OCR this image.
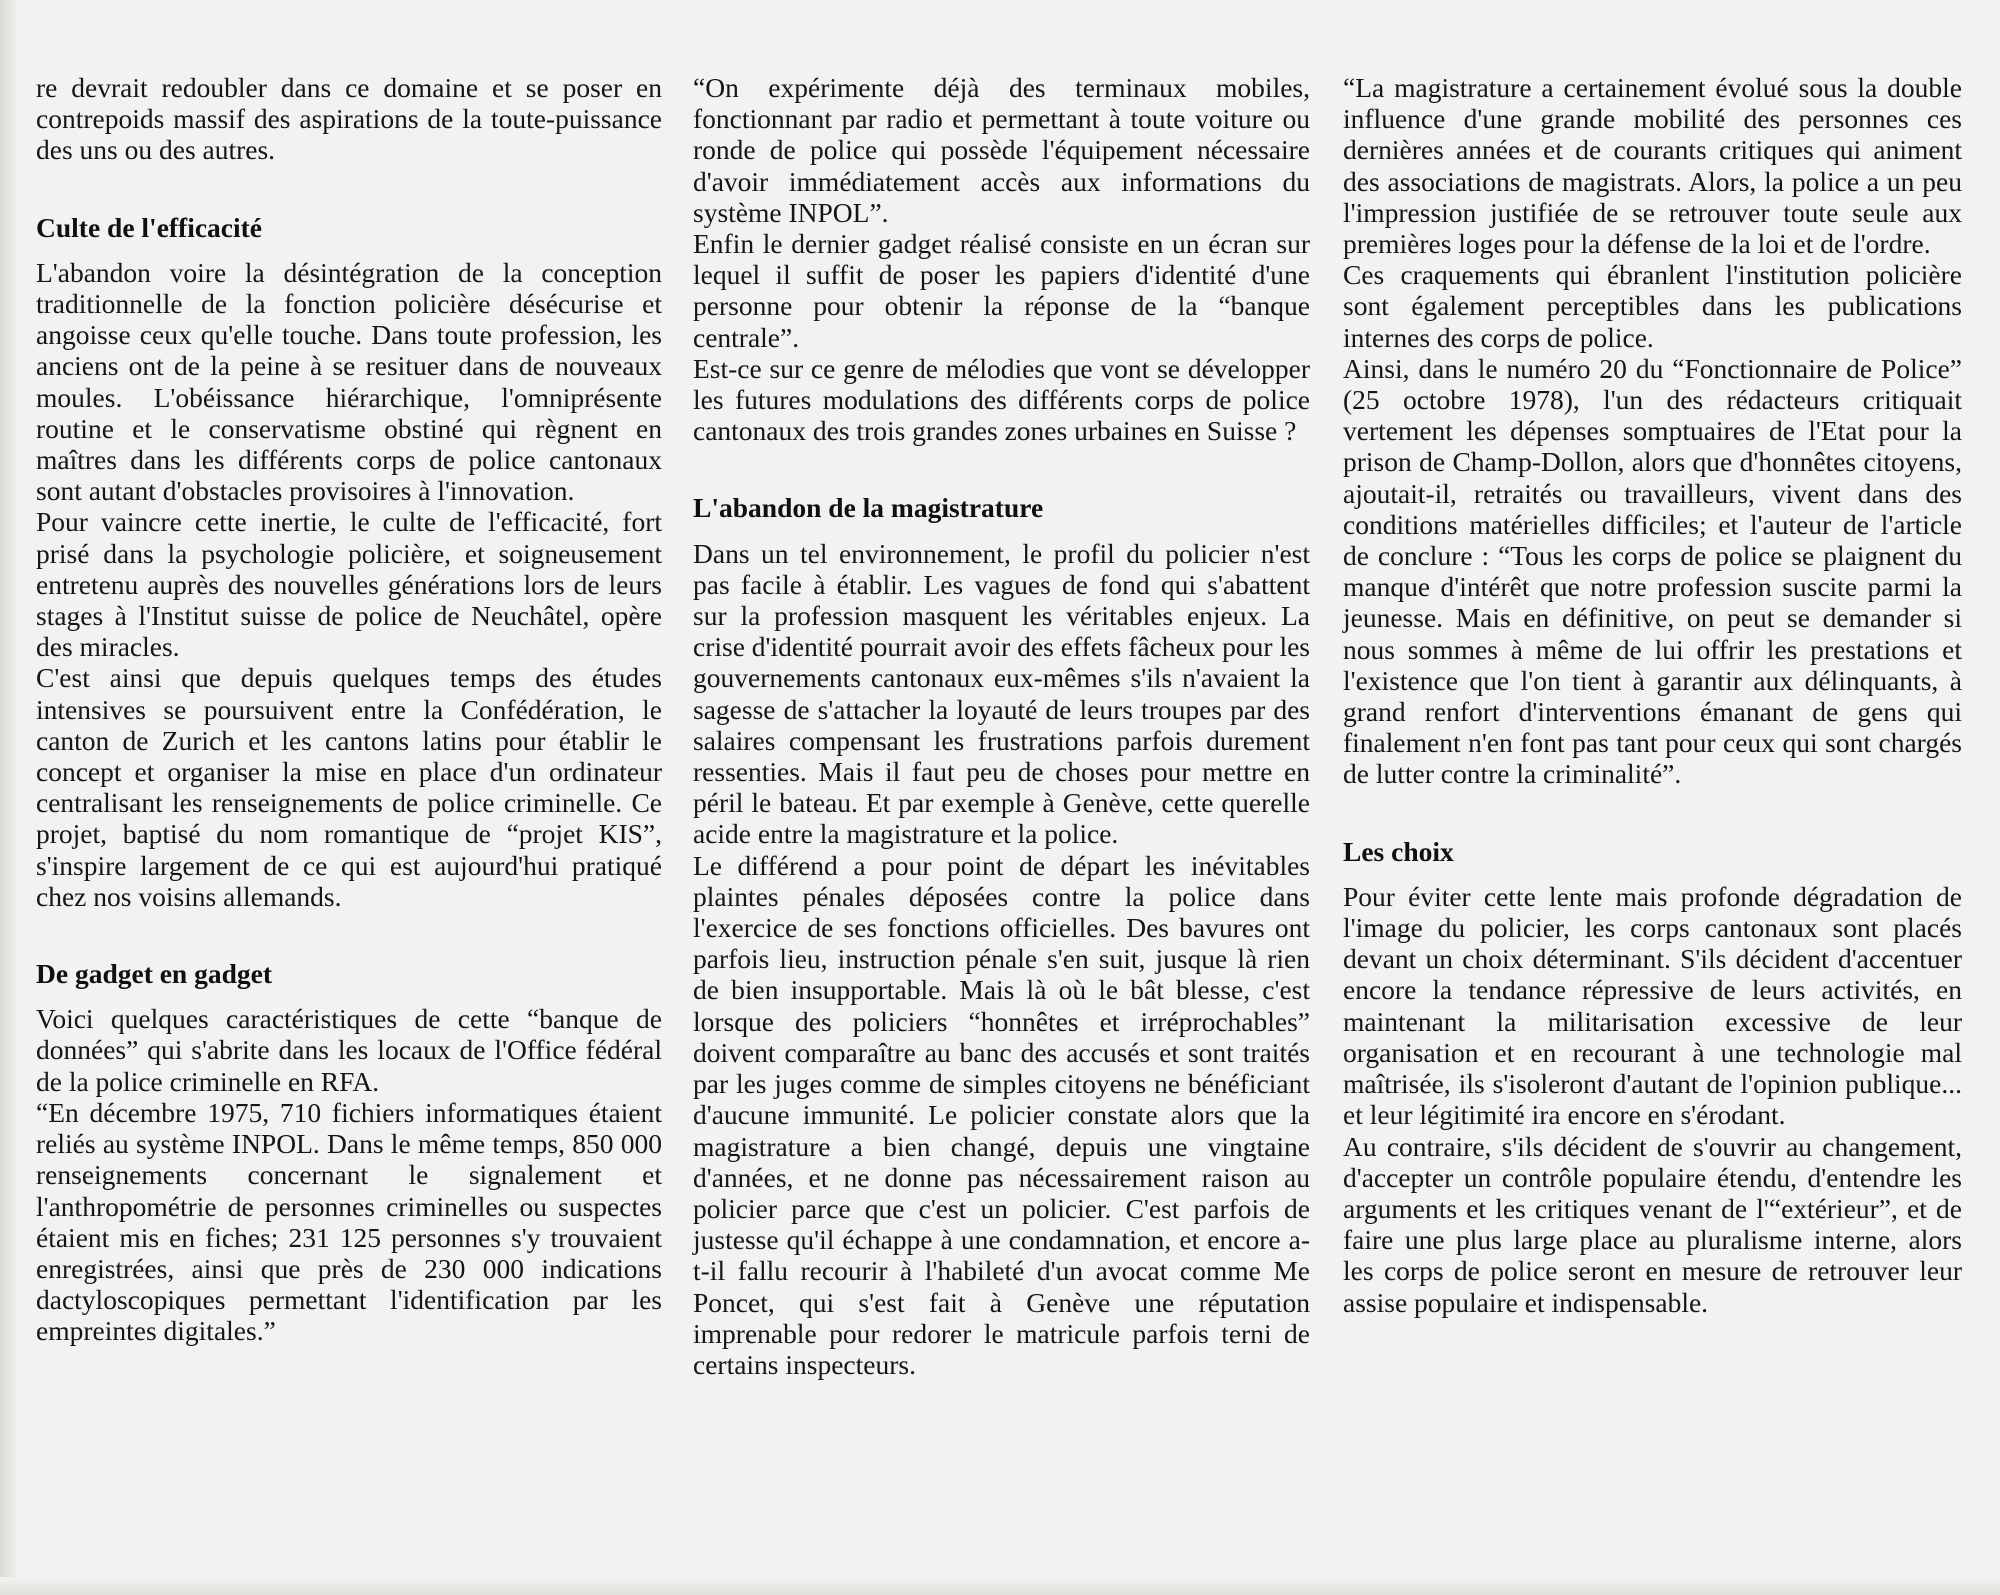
re devrait redoubler dans ce domaine et se poser en contrepoids massif des aspirations de la toute-puissance des uns ou des autres.

Culte de l'efficacité

L'abandon voire la désintégration de la conception traditionnelle de la fonction policière désécurise et angoisse ceux qu'elle touche. Dans toute profession, les anciens ont de la peine à se resituer dans de nouveaux moules. L'obéissance hiérarchique, l'omniprésente routine et le conservatisme obstiné qui règnent en maîtres dans les différents corps de police cantonaux sont autant d'obstacles provisoires à l'innovation.

Pour vaincre cette inertie, le culte de l'efficacité, fort prisé dans la psychologie policière, et soigneusement entretenu auprès des nouvelles générations lors de leurs stages à l'Institut suisse de police de Neuchâtel, opère des miracles.

C'est ainsi que depuis quelques temps des études intensives se poursuivent entre la Confédération, le canton de Zurich et les cantons latins pour établir le concept et organiser la mise en place d'un ordinateur centralisant les renseignements de police criminelle. Ce projet, baptisé du nom romantique de “projet KIS”, s'inspire largement de ce qui est aujourd'hui pratiqué chez nos voisins allemands.

De gadget en gadget

Voici quelques caractéristiques de cette “banque de données” qui s'abrite dans les locaux de l'Office fédéral de la police criminelle en RFA.

“En décembre 1975, 710 fichiers informatiques étaient reliés au système INPOL. Dans le même temps, 850 000 renseignements concernant le signalement et l'anthropométrie de personnes criminelles ou suspectes étaient mis en fiches; 231 125 personnes s'y trouvaient enregistrées, ainsi que près de 230 000 indications dactyloscopiques permettant l'identification par les empreintes digitales.”

“On expérimente déjà des terminaux mobiles, fonctionnant par radio et permettant à toute voiture ou ronde de police qui possède l'équipement nécessaire d'avoir immédiatement accès aux informations du système INPOL”.

Enfin le dernier gadget réalisé consiste en un écran sur lequel il suffit de poser les papiers d'identité d'une personne pour obtenir la réponse de la “banque centrale”.

Est-ce sur ce genre de mélodies que vont se développer les futures modulations des différents corps de police cantonaux des trois grandes zones urbaines en Suisse ?

L'abandon de la magistrature

Dans un tel environnement, le profil du policier n'est pas facile à établir. Les vagues de fond qui s'abattent sur la profession masquent les véritables enjeux. La crise d'identité pourrait avoir des effets fâcheux pour les gouvernements cantonaux eux-mêmes s'ils n'avaient la sagesse de s'attacher la loyauté de leurs troupes par des salaires compensant les frustrations parfois durement ressenties. Mais il faut peu de choses pour mettre en péril le bateau. Et par exemple à Genève, cette querelle acide entre la magistrature et la police.

Le différend a pour point de départ les inévitables plaintes pénales déposées contre la police dans l'exercice de ses fonctions officielles. Des bavures ont parfois lieu, instruction pénale s'en suit, jusque là rien de bien insupportable. Mais là où le bât blesse, c'est lorsque des policiers “honnêtes et irréprochables” doivent comparaître au banc des accusés et sont traités par les juges comme de simples citoyens ne bénéficiant d'aucune immunité. Le policier constate alors que la magistrature a bien changé, depuis une vingtaine d'années, et ne donne pas nécessairement raison au policier parce que c'est un policier. C'est parfois de justesse qu'il échappe à une condamnation, et encore a-t-il fallu recourir à l'habileté d'un avocat comme Me Poncet, qui s'est fait à Genève une réputation imprenable pour redorer le matricule parfois terni de certains inspecteurs.

“La magistrature a certainement évolué sous la double influence d'une grande mobilité des personnes ces dernières années et de courants critiques qui animent des associations de magistrats. Alors, la police a un peu l'impression justifiée de se retrouver toute seule aux premières loges pour la défense de la loi et de l'ordre.

Ces craquements qui ébranlent l'institution policière sont également perceptibles dans les publications internes des corps de police.

Ainsi, dans le numéro 20 du “Fonctionnaire de Police” (25 octobre 1978), l'un des rédacteurs critiquait vertement les dépenses somptuaires de l'Etat pour la prison de Champ-Dollon, alors que d'honnêtes citoyens, ajoutait-il, retraités ou travailleurs, vivent dans des conditions matérielles difficiles; et l'auteur de l'article de conclure : “Tous les corps de police se plaignent du manque d'intérêt que notre profession suscite parmi la jeunesse. Mais en définitive, on peut se demander si nous sommes à même de lui offrir les prestations et l'existence que l'on tient à garantir aux délinquants, à grand renfort d'interventions émanant de gens qui finalement n'en font pas tant pour ceux qui sont chargés de lutter contre la criminalité”.

Les choix

Pour éviter cette lente mais profonde dégradation de l'image du policier, les corps cantonaux sont placés devant un choix déterminant. S'ils décident d'accentuer encore la tendance répressive de leurs activités, en maintenant la militarisation excessive de leur organisation et en recourant à une technologie mal maîtrisée, ils s'isoleront d'autant de l'opinion publique... et leur légitimité ira encore en s'érodant.

Au contraire, s'ils décident de s'ouvrir au changement, d'accepter un contrôle populaire étendu, d'entendre les arguments et les critiques venant de l'“extérieur”, et de faire une plus large place au pluralisme interne, alors les corps de police seront en mesure de retrouver leur assise populaire et indispensable.
